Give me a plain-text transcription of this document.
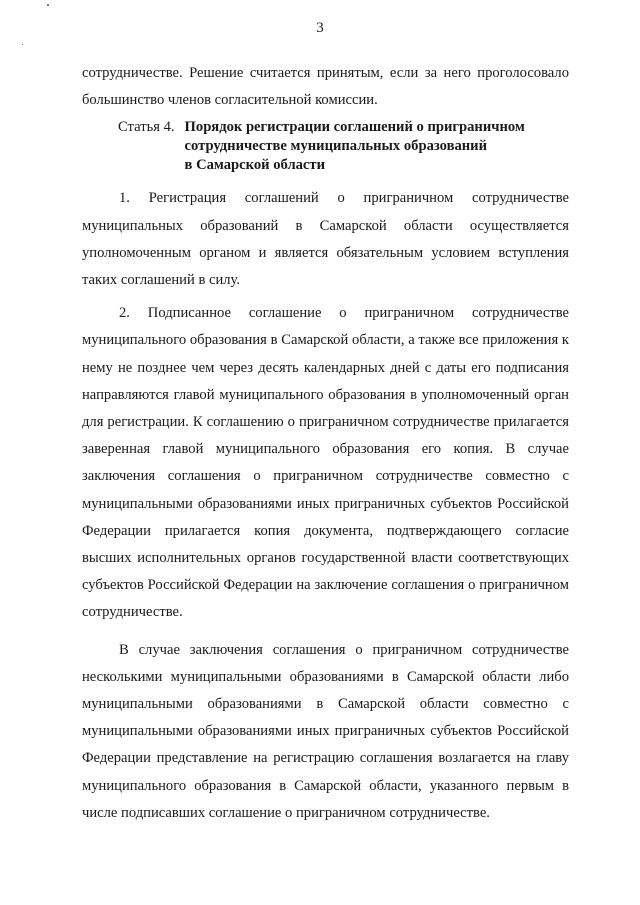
3

сотрудничестве. Решение считается принятым, если за него проголосовало большинство членов согласительной комиссии.

Статья 4. Порядок регистрации соглашений о приграничном
сотрудничестве муниципальных образований
в Самарской области

1. Регистрация соглашений о приграничном сотрудничестве муниципальных образований в Самарской области осуществляется уполномоченным органом и является обязательным условием вступления таких соглашений в силу.

2. Подписанное соглашение о приграничном сотрудничестве муниципального образования в Самарской области, а также все приложения к нему не позднее чем через десять календарных дней с даты его подписания направляются главой муниципального образования в уполномоченный орган для регистрации. К соглашению о приграничном сотрудничестве прилагается заверенная главой муниципального образования его копия. В случае заключения соглашения о приграничном сотрудничестве совместно с муниципальными образованиями иных приграничных субъектов Российской Федерации прилагается копия документа, подтверждающего согласие высших исполнительных органов государственной власти соответствующих субъектов Российской Федерации на заключение соглашения о приграничном сотрудничестве.

В случае заключения соглашения о приграничном сотрудничестве несколькими муниципальными образованиями в Самарской области либо муниципальными образованиями в Самарской области совместно с муниципальными образованиями иных приграничных субъектов Российской Федерации представление на регистрацию соглашения возлагается на главу муниципального образования в Самарской области, указанного первым в числе подписавших соглашение о приграничном сотрудничестве.
